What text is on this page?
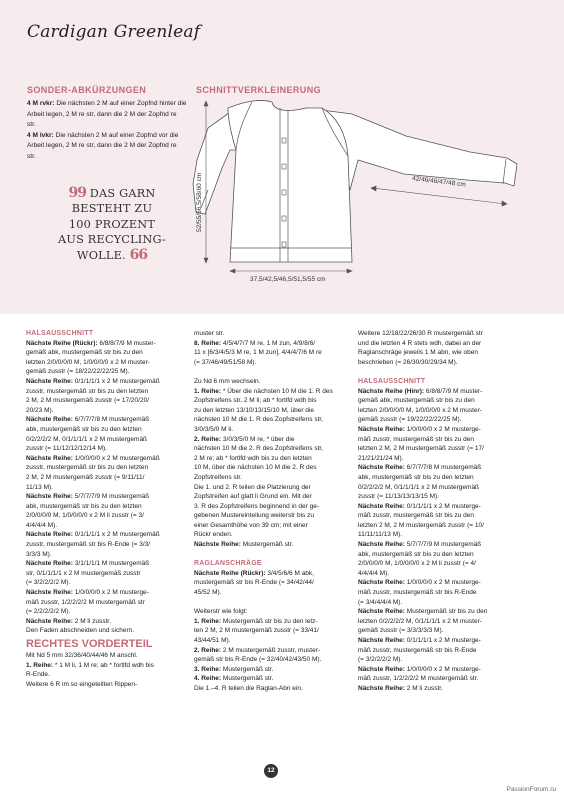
Cardigan Greenleaf
SONDER-ABKÜRZUNGEN
4 M rvkr: Die nächsten 2 M auf einer Zopfnd hinter die Arbeit legen, 2 M re str, dann die 2 M der Zopfnd re str.
4 M lvkr: Die nächsten 2 M auf einer Zopfnd vor die Arbeit legen, 2 M re str, dann die 2 M der Zopfnd re str.
99 DAS GARN
BESTEHT ZU
100 PROZENT
AUS RECYCLING-
WOLLE. 66
SCHNITTVERKLEINERUNG
52/55/56,5/58/60 cm
37,5/42,5/46,5/51,5/55 cm
42/46/46/47/48 cm

HALSAUSSCHNITT

Nächste Reihe (Rückr): 6/8/8/7/9 M muster-

gemäß abk, mustergemäß str bis zu den

letzten 2/0/0/0/0 M, 1/0/0/0/0 x 2 M muster-

gemäß zusstr (= 18/22/22/22/25 M).

Nächste Reihe: 0/1/1/1/1 x 2 M mustergemäß

zusstr, mustergemäß str bis zu den letzten

2 M, 2 M mustergemäß zusstr (= 17/20/20/

20/23 M).

Nächste Reihe: 6/7/7/7/8 M mustergemäß

abk, mustergemäß str bis zu den letzten

0/2/2/2/2 M, 0/1/1/1/1 x 2 M mustergemäß

zusstr (= 11/12/12/12/14 M).

Nächste Reihe: 1/0/0/0/0 x 2 M mustergemäß

zusstr, mustergemäß str bis zu den letzten

2 M, 2 M mustergemäß zusstr (= 9/11/11/

11/13 M).

Nächste Reihe: 5/7/7/7/9 M mustergemäß

abk, mustergemäß str bis zu den letzten

2/0/0/0/0 M, 1/0/0/0/0 x 2 M li zusstr (= 3/

4/4/4/4 M).

Nächste Reihe: 0/1/1/1/1 x 2 M mustergemäß

zusstr, mustergemäß str bis R-Ende (= 3/3/

3/3/3 M).

Nächste Reihe: 3/1/1/1/1 M mustergemäß

str, 0/1/1/1/1 x 2 M mustergemäß zusstr

(= 3/2/2/2/2 M).

Nächste Reihe: 1/0/0/0/0 x 2 M musterge-

mäß zusstr, 1/2/2/2/2 M mustergemäß str

(= 2/2/2/2/2 M).

Nächste Reihe: 2 M li zusstr.

Den Faden abschneiden und sichern.

RECHTES VORDERTEIL

Mit Nd 5 mm 32/36/40/44/46 M anschl.

1. Reihe: * 1 M li, 1 M re; ab * fortlfd wdh bis

R-Ende.

Weitere 6 R im so eingeteilten Rippen-

muster str.

8. Reihe: 4/5/4/7/7 M re, 1 M zun, 4/9/8/6/

11 x [6/3/4/5/3 M re, 1 M zun], 4/4/4/7/6 M re

(= 37/46/49/51/58 M).

Zu Nd 6 mm wechseln.

1. Reihe: * Über die nächsten 10 M die 1. R des

Zopfstreifens str, 2 M li; ab * fortlfd wdh bis

zu den letzten 13/10/13/15/10 M, über die

nächsten 10 M die 1. R des Zopfstreifens str,

3/0/3/5/0 M li.

2. Reihe: 3/0/3/5/0 M re, * über die

nächsten 10 M die 2. R des Zopfstreifens str,

2 M re; ab * fortlfd wdh bis zu den letzten

10 M, über die nächsten 10 M die 2. R des

Zopfstreifens str.

Die 1. und 2. R teilen die Platzierung der

Zopfstreifen auf glatt li Grund ein. Mit der

3. R des Zopfstreifens beginnend in der ge-

gebenen Mustereinteilung weiterstr bis zu

einer Gesamthöhe von 39 cm; mit einer

Rückr enden.

Nächste Reihe: Mustergemäß str.

RAGLANSCHRÄGE

Nächste Reihe (Rückr): 3/4/5/6/6 M abk,

mustergemäß str bis R-Ende (= 34/42/44/

45/52 M).

Weiterstr wie folgt:

1. Reihe: Mustergemäß str bis zu den letz-

ten 2 M, 2 M mustergemäß zusstr (= 33/41/

43/44/51 M).

2. Reihe: 2 M mustergemäß zusstr, muster-

gemäß str bis R-Ende (= 32/40/42/43/50 M).

3. Reihe: Mustergemäß str.

4. Reihe: Mustergemäß str.

Die 1.–4. R teilen die Raglan-Abn ein.

Weitere 12/18/22/26/30 R mustergemäß str

und die letzten 4 R stets wdh, dabei an der

Raglanschräge jeweils 1 M abn, wie oben

beschrieben (= 26/30/30/29/34 M).

HALSAUSSCHNITT

Nächste Reihe (Hinr): 6/8/8/7/9 M muster-

gemäß abk, mustergemäß str bis zu den

letzten 2/0/0/0/0 M, 1/0/0/0/0 x 2 M muster-

gemäß zusstr (= 19/22/22/22/25 M).

Nächste Reihe: 1/0/0/0/0 x 2 M musterge-

mäß zusstr, mustergemäß str bis zu den

letzten 2 M, 2 M mustergemäß zusstr (= 17/

21/21/21/24 M).

Nächste Reihe: 6/7/7/7/8 M mustergemäß

abk, mustergemäß str bis zu den letzten

0/2/2/2/2 M, 0/1/1/1/1 x 2 M mustergemäß

zusstr (= 11/13/13/13/15 M).

Nächste Reihe: 0/1/1/1/1 x 2 M musterge-

mäß zusstr, mustergemäß str bis zu den

letzten 2 M, 2 M mustergemäß zusstr (= 10/

11/11/11/13 M).

Nächste Reihe: 5/7/7/7/9 M mustergemäß

abk, mustergemäß str bis zu den letzten

2/0/0/0/0 M, 1/0/0/0/0 x 2 M li zusstr (= 4/

4/4/4/4 M).

Nächste Reihe: 1/0/0/0/0 x 2 M musterge-

mäß zusstr, mustergemäß str bis R-Ende

(= 3/4/4/4/4 M).

Nächste Reihe: Mustergemäß str bis zu den

letzten 0/2/2/2/2 M, 0/1/1/1/1 x 2 M muster-

gemäß zusstr (= 3/3/3/3/3 M).

Nächste Reihe: 0/1/1/1/1 x 2 M musterge-

mäß zusstr, mustergemäß str bis R-Ende

(= 3/2/2/2/2 M).

Nächste Reihe: 1/0/0/0/0 x 2 M musterge-

mäß zusstr, 1/2/2/2/2 M mustergemäß str.

Nächste Reihe: 2 M li zusstr.

12
PassionForum.ru
